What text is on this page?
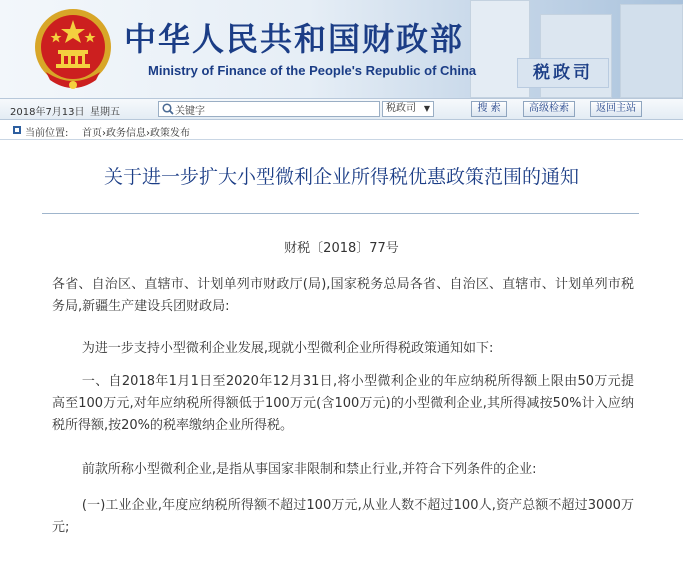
中华人民共和国财政部
Ministry of Finance of the People's Republic of China	税政司
2018年7月13日 星期五
关键字	税政司 ▼	搜 索	高级检索	返回主站
当前位置: 首页›政务信息›政策发布
关于进一步扩大小型微利企业所得税优惠政策范围的通知
财税〔2018〕77号
各省、自治区、直辖市、计划单列市财政厅(局),国家税务总局各省、自治区、直辖市、计划单列市税务局,新疆生产建设兵团财政局:
为进一步支持小型微利企业发展,现就小型微利企业所得税政策通知如下:
一、自2018年1月1日至2020年12月31日,将小型微利企业的年应纳税所得额上限由50万元提高至100万元,对年应纳税所得额低于100万元(含100万元)的小型微利企业,其所得减按50%计入应纳税所得额,按20%的税率缴纳企业所得税。
前款所称小型微利企业,是指从事国家非限制和禁止行业,并符合下列条件的企业:
(一)工业企业,年度应纳税所得额不超过100万元,从业人数不超过100人,资产总额不超过3000万元;
